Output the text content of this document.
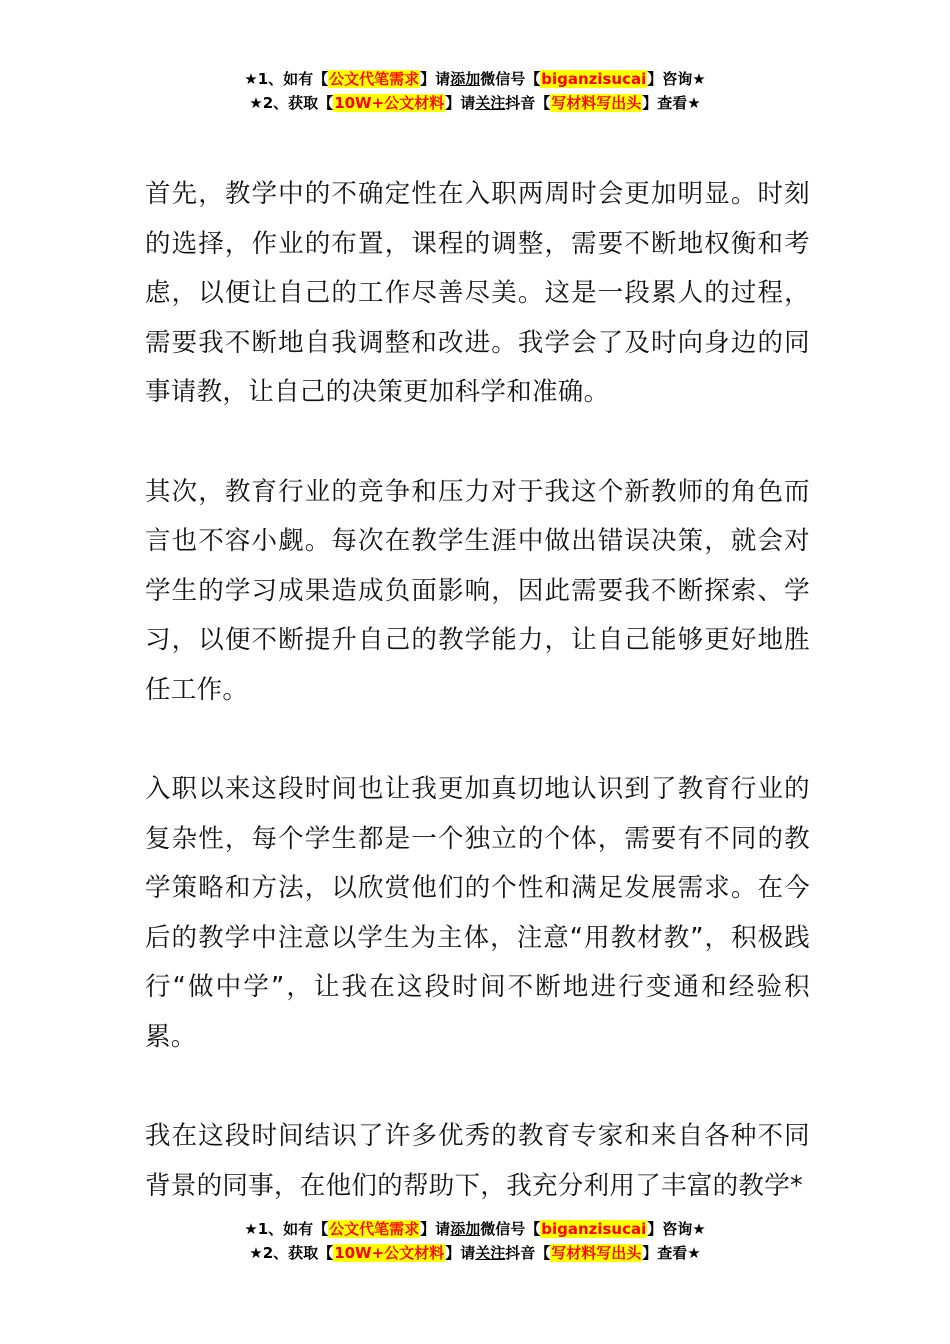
★1、如有【公文代笔需求】请添加微信号【biganzisucai】咨询★
★2、获取【10W+公文材料】请关注抖音【写材料写出头】查看★

首先，教学中的不确定性在入职两周时会更加明显。时刻的选择，作业的布置，课程的调整，需要不断地权衡和考虑，以便让自己的工作尽善尽美。这是一段累人的过程，需要我不断地自我调整和改进。我学会了及时向身边的同事请教，让自己的决策更加科学和准确。

其次，教育行业的竞争和压力对于我这个新教师的角色而言也不容小觑。每次在教学生涯中做出错误决策，就会对学生的学习成果造成负面影响，因此需要我不断探索、学习，以便不断提升自己的教学能力，让自己能够更好地胜任工作。

入职以来这段时间也让我更加真切地认识到了教育行业的复杂性，每个学生都是一个独立的个体，需要有不同的教学策略和方法，以欣赏他们的个性和满足发展需求。在今后的教学中注意以学生为主体，注意“用教材教”，积极践行“做中学”，让我在这段时间不断地进行变通和经验积累。

我在这段时间结识了许多优秀的教育专家和来自各种不同背景的同事，在他们的帮助下，我充分利用了丰富的教学*

★1、如有【公文代笔需求】请添加微信号【biganzisucai】咨询★
★2、获取【10W+公文材料】请关注抖音【写材料写出头】查看★
